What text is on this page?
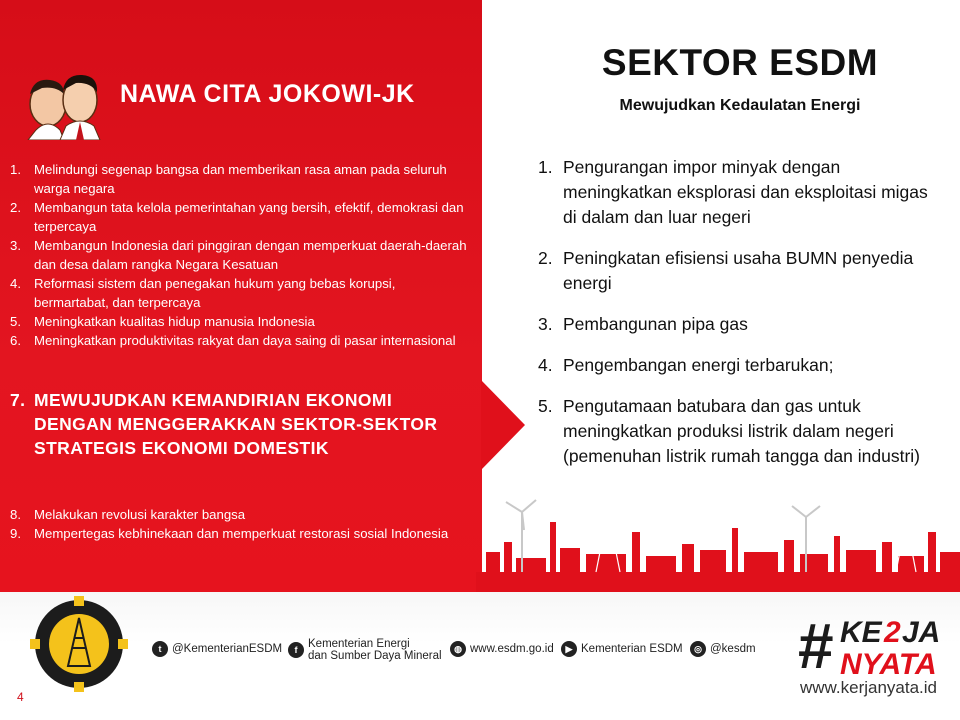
NAWA CITA JOKOWI-JK
1. Melindungi segenap bangsa dan memberikan rasa aman pada seluruh warga negara
2. Membangun tata kelola pemerintahan yang bersih, efektif, demokrasi dan terpercaya
3. Membangun Indonesia dari pinggiran dengan memperkuat daerah-daerah dan desa dalam rangka Negara Kesatuan
4. Reformasi sistem dan penegakan hukum yang bebas korupsi, bermartabat, dan terpercaya
5. Meningkatkan kualitas hidup manusia Indonesia
6. Meningkatkan produktivitas rakyat dan daya saing di pasar internasional
7. MEWUJUDKAN KEMANDIRIAN EKONOMI DENGAN MENGGERAKKAN SEKTOR-SEKTOR STRATEGIS EKONOMI DOMESTIK
8. Melakukan revolusi karakter bangsa
9. Mempertegas kebhinekaan dan memperkuat restorasi sosial Indonesia
SEKTOR ESDM
Mewujudkan Kedaulatan Energi
1. Pengurangan impor minyak dengan meningkatkan eksplorasi dan eksploitasi migas di dalam dan luar negeri
2. Peningkatan efisiensi usaha BUMN penyedia energi
3. Pembangunan pipa gas
4. Pengembangan energi terbarukan;
5. Pengutamaan batubara dan gas untuk meningkatkan produksi listrik dalam negeri
(pemenuhan listrik rumah tangga dan industri)
t @KementerianESDM	f Kementerian Energi
dan Sumber Daya Mineral
◍ www.esdm.go.id	▶ Kementerian ESDM	◎ @kesdm # KE 2 JA
NYATA
www.kerjanyata.id
4
